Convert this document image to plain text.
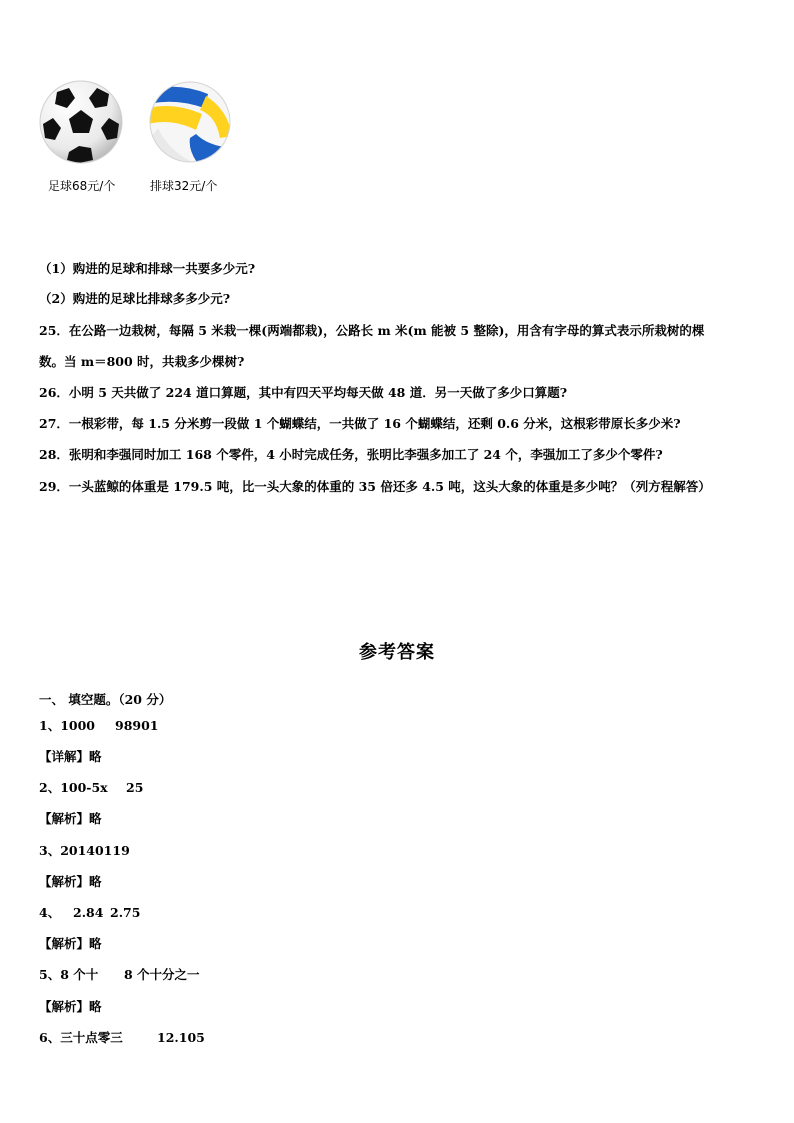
足球68元/个	排球32元/个
（1）购进的足球和排球一共要多少元?
（2）购进的足球比排球多多少元?
25．在公路一边栽树，每隔 5 米栽一棵(两端都栽)，公路长 m 米(m 能被 5 整除)，用含有字母的算式表示所栽树的棵
数。当 m＝800 时，共栽多少棵树?
26．小明 5 天共做了 224 道口算题，其中有四天平均每天做 48 道．另一天做了多少口算题?
27．一根彩带，每 1.5 分米剪一段做 1 个蝴蝶结，一共做了 16 个蝴蝶结，还剩 0.6 分米，这根彩带原长多少米?
28．张明和李强同时加工 168 个零件，4 小时完成任务，张明比李强多加工了 24 个，李强加工了多少个零件?
29．一头蓝鲸的体重是 179.5 吨，比一头大象的体重的 35 倍还多 4.5 吨，这头大象的体重是多少吨？（列方程解答）
参考答案
一、 填空题。（20 分）
1、1000 98901
【详解】略
2、100-5x 25
【解析】略
3、20140119
【解析】略
4、 2.84 2.75
【解析】略
5、8 个十 8 个十分之一
【解析】略
6、三十点零三	12.105
